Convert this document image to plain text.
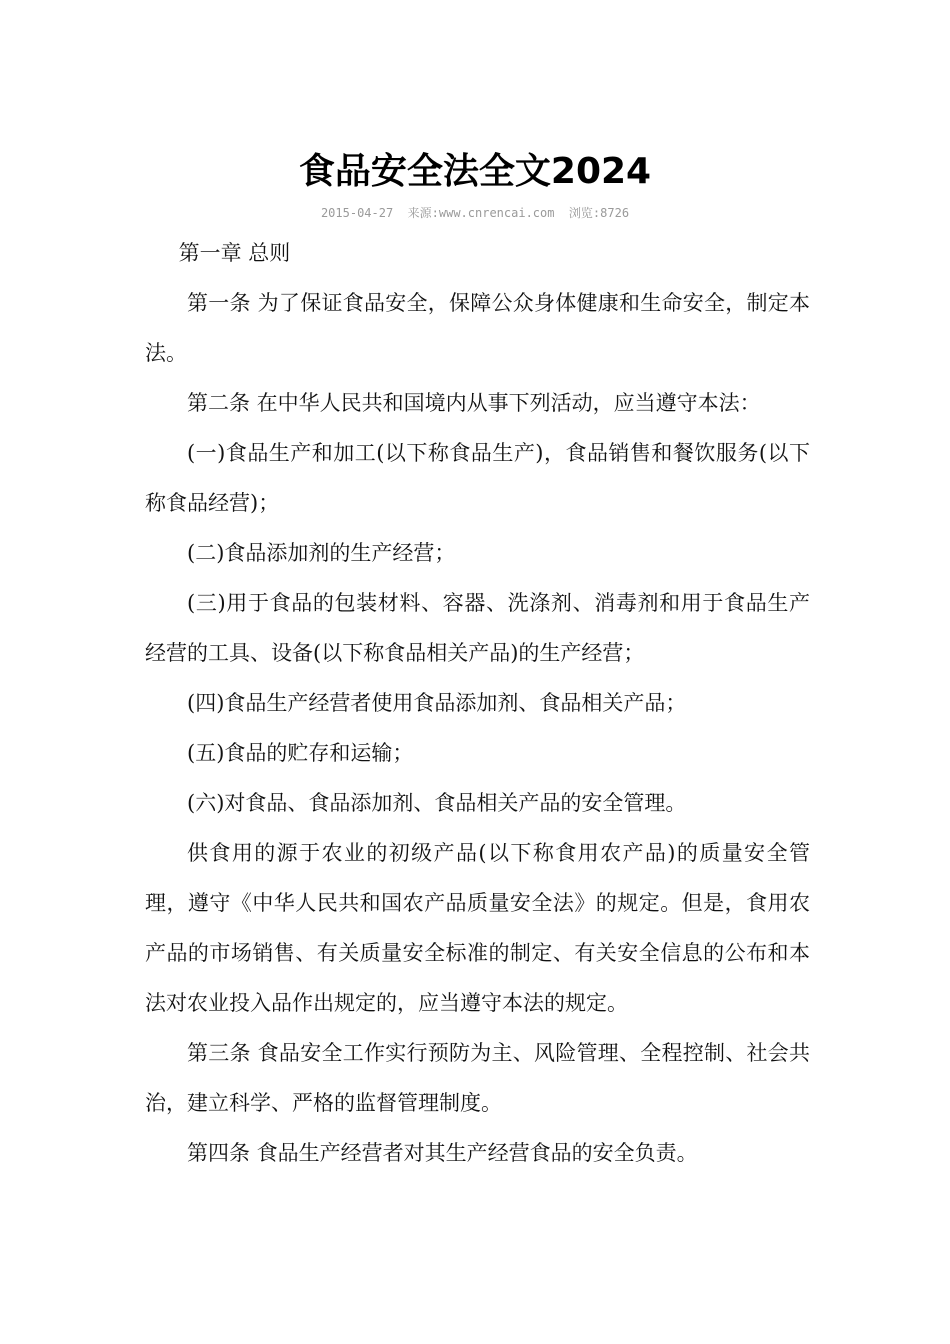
食品安全法全文2024
2015-04-27  来源:www.cnrencai.com  浏览:8726

第一章 总则

第一条 为了保证食品安全，保障公众身体健康和生命安全，制定本法。

第二条 在中华人民共和国境内从事下列活动，应当遵守本法：

(一)食品生产和加工(以下称食品生产)，食品销售和餐饮服务(以下称食品经营)；

(二)食品添加剂的生产经营；

(三)用于食品的包装材料、容器、洗涤剂、消毒剂和用于食品生产经营的工具、设备(以下称食品相关产品)的生产经营；

(四)食品生产经营者使用食品添加剂、食品相关产品；

(五)食品的贮存和运输；

(六)对食品、食品添加剂、食品相关产品的安全管理。

供食用的源于农业的初级产品(以下称食用农产品)的质量安全管理，遵守《中华人民共和国农产品质量安全法》的规定。但是，食用农产品的市场销售、有关质量安全标准的制定、有关安全信息的公布和本法对农业投入品作出规定的，应当遵守本法的规定。

第三条 食品安全工作实行预防为主、风险管理、全程控制、社会共治，建立科学、严格的监督管理制度。

第四条 食品生产经营者对其生产经营食品的安全负责。
